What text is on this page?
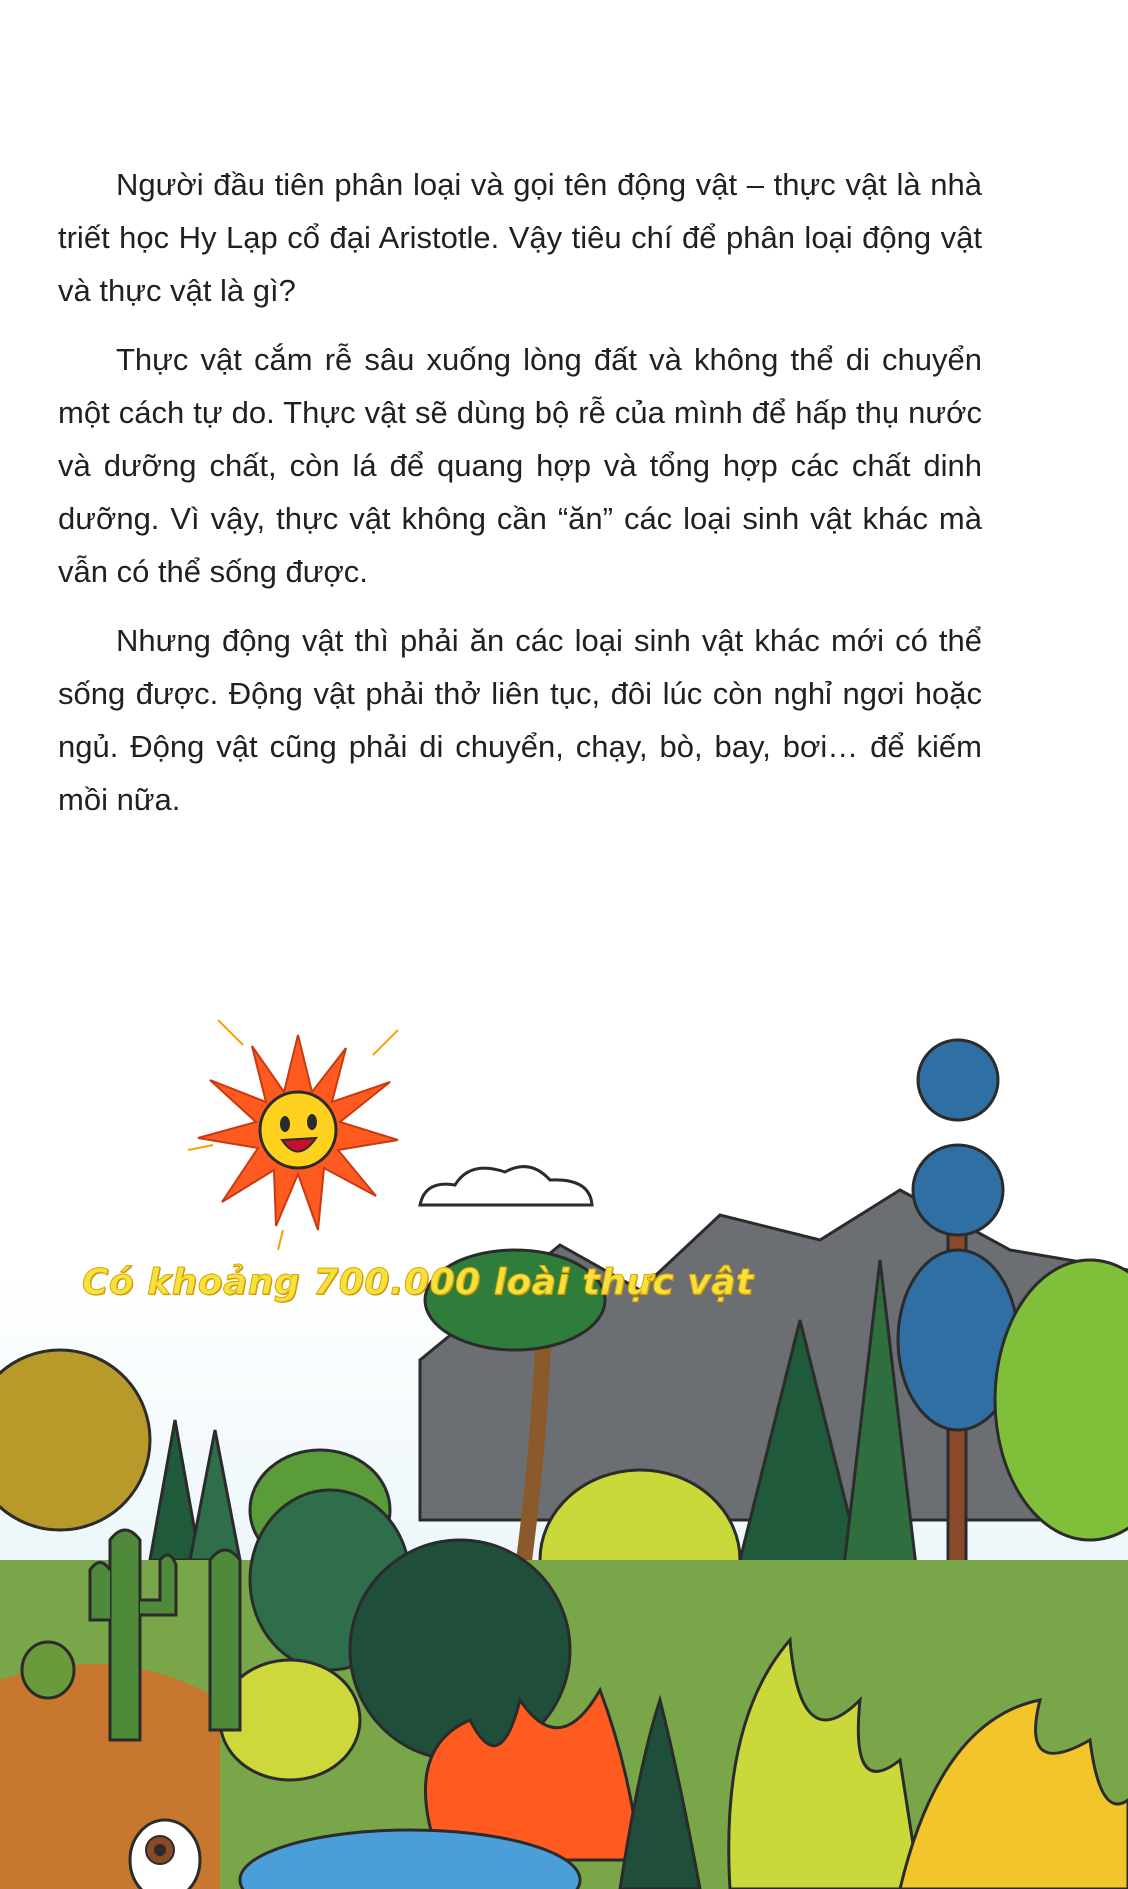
Người đầu tiên phân loại và gọi tên động vật – thực vật là nhà triết học Hy Lạp cổ đại Aristotle. Vậy tiêu chí để phân loại động vật và thực vật là gì?

Thực vật cắm rễ sâu xuống lòng đất và không thể di chuyển một cách tự do. Thực vật sẽ dùng bộ rễ của mình để hấp thụ nước và dưỡng chất, còn lá để quang hợp và tổng hợp các chất dinh dưỡng. Vì vậy, thực vật không cần “ăn” các loại sinh vật khác mà vẫn có thể sống được.

Nhưng động vật thì phải ăn các loại sinh vật khác mới có thể sống được. Động vật phải thở liên tục, đôi lúc còn nghỉ ngơi hoặc ngủ. Động vật cũng phải di chuyển, chạy, bò, bay, bơi… để kiếm mồi nữa.

Có khoảng 700.000 loài thực vật
